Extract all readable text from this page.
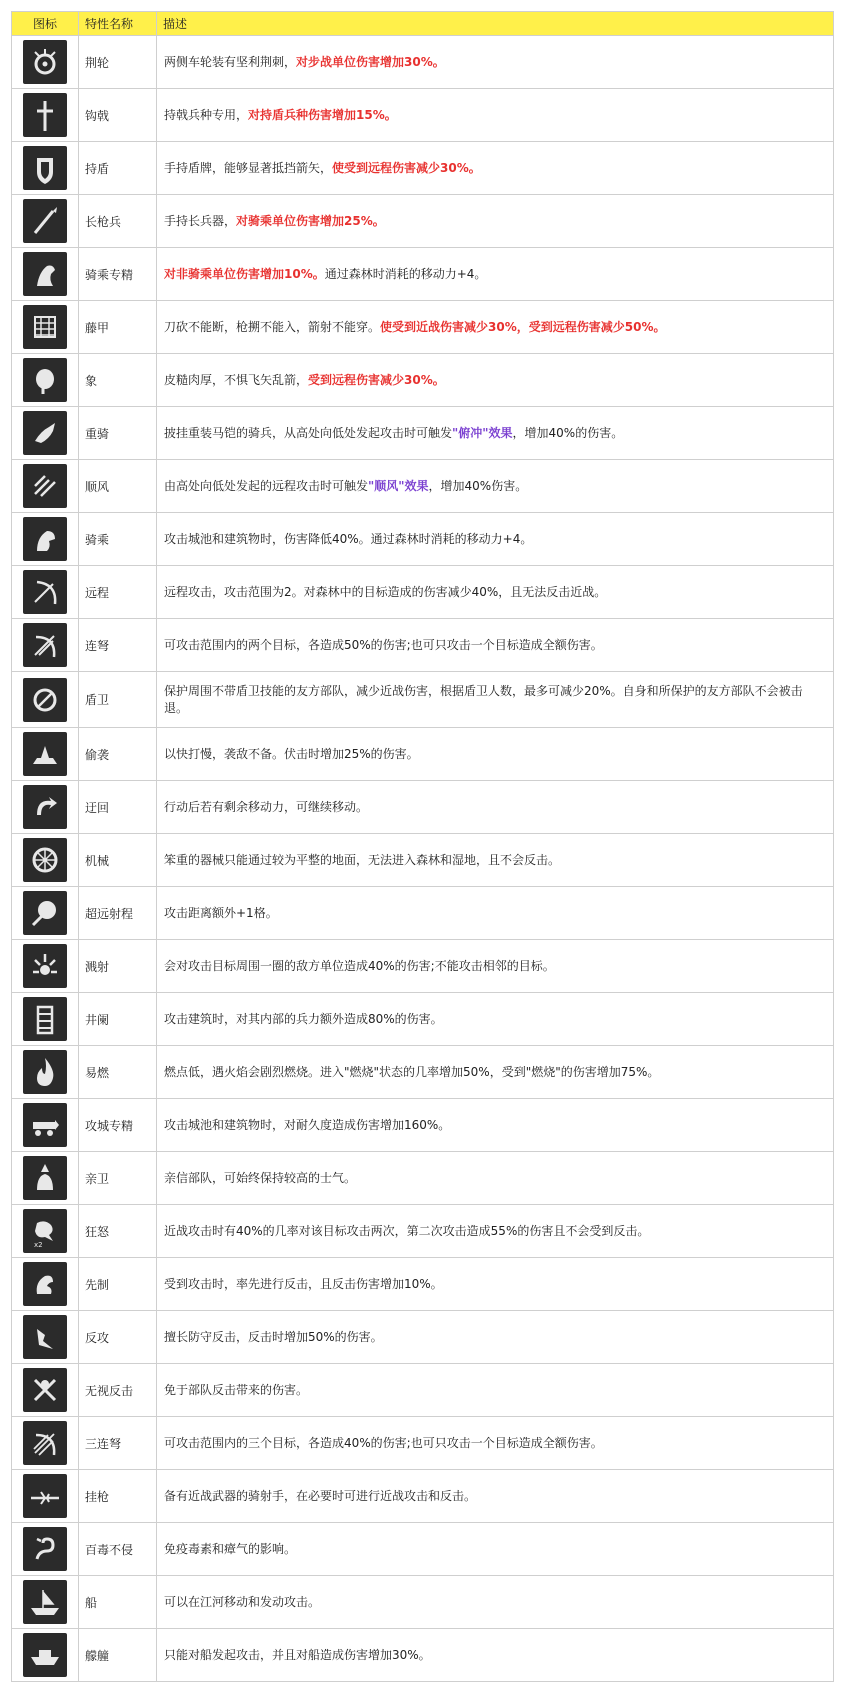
图标	特性名称	描述

	荆轮	两侧车轮装有坚利荆刺，对步战单位伤害增加30%。

	钩戟	持戟兵种专用，对持盾兵种伤害增加15%。

	持盾	手持盾牌，能够显著抵挡箭矢，使受到远程伤害减少30%。

	长枪兵	手持长兵器，对骑乘单位伤害增加25%。

	骑乘专精	对非骑乘单位伤害增加10%。通过森林时消耗的移动力+4。

	藤甲	刀砍不能断，枪搠不能入，箭射不能穿。使受到近战伤害减少30%，受到远程伤害减少50%。

	象	皮糙肉厚，不惧飞矢乱箭，受到远程伤害减少30%。

	重骑	披挂重装马铠的骑兵，从高处向低处发起攻击时可触发"俯冲"效果，增加40%的伤害。

	顺风	由高处向低处发起的远程攻击时可触发"顺风"效果，增加40%伤害。

	骑乘	攻击城池和建筑物时，伤害降低40%。通过森林时消耗的移动力+4。

	远程	远程攻击，攻击范围为2。对森林中的目标造成的伤害减少40%，且无法反击近战。

	连弩	可攻击范围内的两个目标，各造成50%的伤害;也可只攻击一个目标造成全额伤害。

	盾卫	保护周围不带盾卫技能的友方部队，减少近战伤害，根据盾卫人数，最多可减少20%。自身和所保护的友方部队不会被击退。

	偷袭	以快打慢，袭敌不备。伏击时增加25%的伤害。

	迂回	行动后若有剩余移动力，可继续移动。

	机械	笨重的器械只能通过较为平整的地面，无法进入森林和湿地，且不会反击。

	超远射程	攻击距离额外+1格。

	溅射	会对攻击目标周围一圈的敌方单位造成40%的伤害;不能攻击相邻的目标。

	井阑	攻击建筑时，对其内部的兵力额外造成80%的伤害。

	易燃	燃点低，遇火焰会剧烈燃烧。进入"燃烧"状态的几率增加50%，受到"燃烧"的伤害增加75%。

	攻城专精	攻击城池和建筑物时，对耐久度造成伤害增加160%。

	亲卫	亲信部队，可始终保持较高的士气。

x2	狂怒	近战攻击时有40%的几率对该目标攻击两次，第二次攻击造成55%的伤害且不会受到反击。

	先制	受到攻击时，率先进行反击，且反击伤害增加10%。

	反攻	擅长防守反击，反击时增加50%的伤害。

	无视反击	免于部队反击带来的伤害。

	三连弩	可攻击范围内的三个目标，各造成40%的伤害;也可只攻击一个目标造成全额伤害。

	挂枪	备有近战武器的骑射手，在必要时可进行近战攻击和反击。

	百毒不侵	免疫毒素和瘴气的影响。

	船	可以在江河移动和发动攻击。

	艨艟	只能对船发起攻击，并且对船造成伤害增加30%。
